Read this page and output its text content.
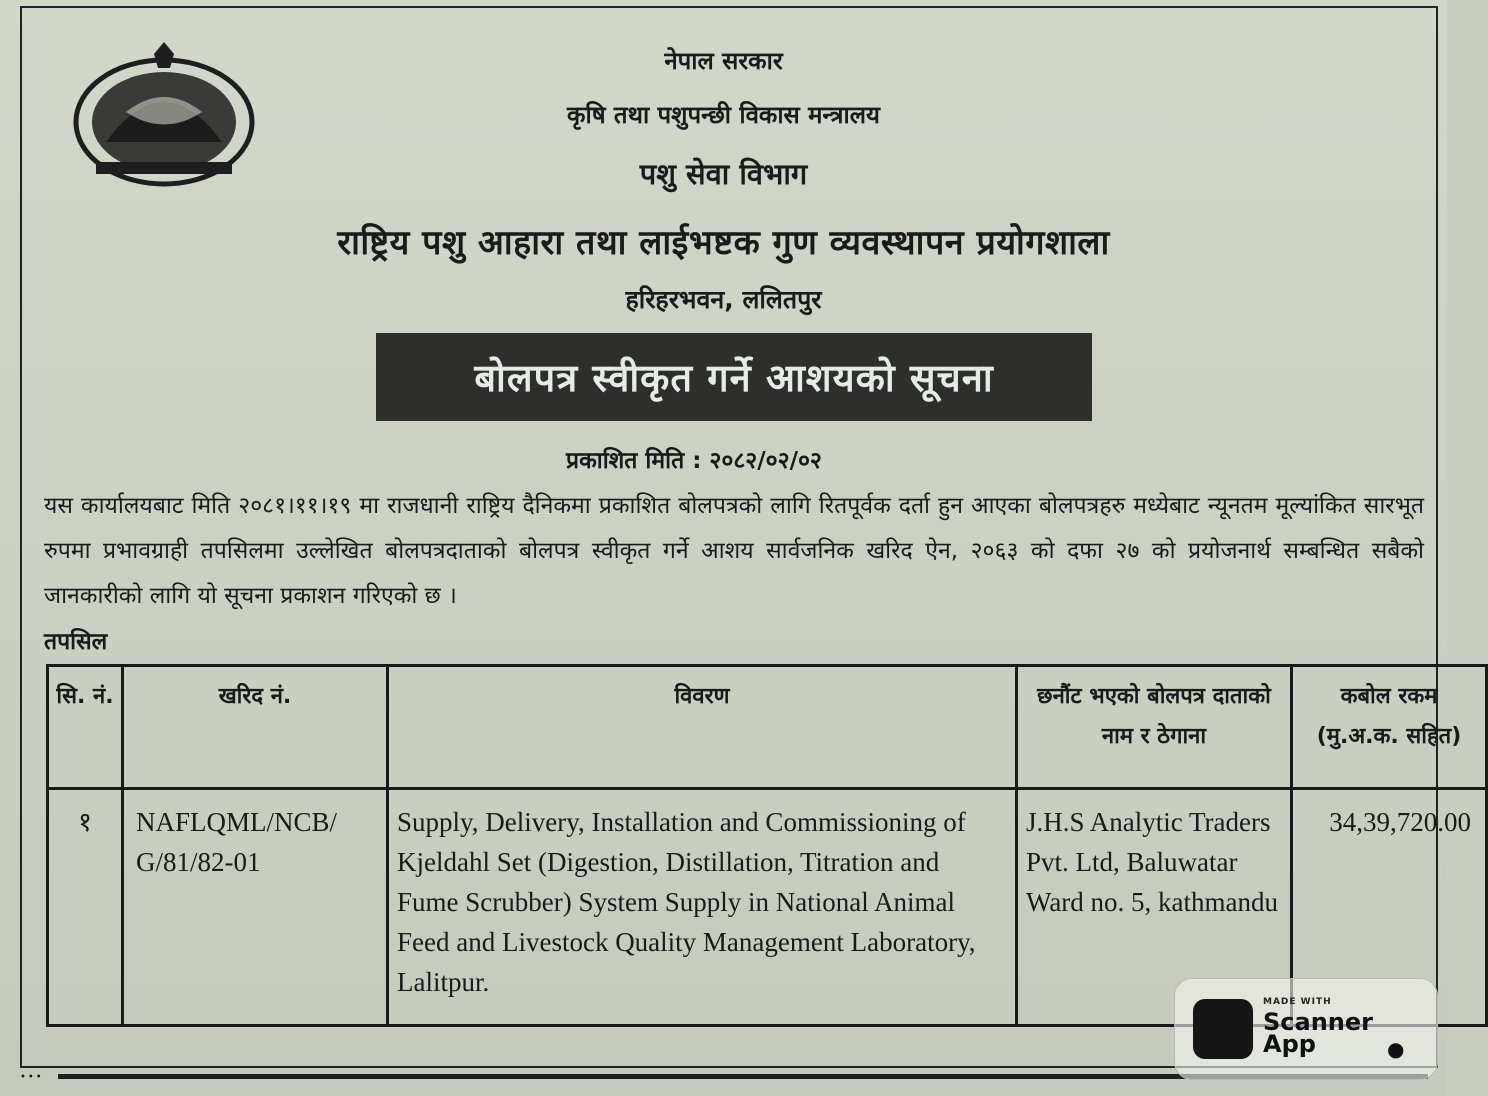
नेपाल सरकार
कृषि तथा पशुपन्छी विकास मन्त्रालय
पशु सेवा विभाग
राष्ट्रिय पशु आहारा तथा लाईभष्टक गुण व्यवस्थापन प्रयोगशाला
हरिहरभवन, ललितपुर
बोलपत्र स्वीकृत गर्ने आशयको सूचना
प्रकाशित मिति : २०८२/०२/०२
यस कार्यालयबाट मिति २०८१।११।१९ मा राजधानी राष्ट्रिय दैनिकमा प्रकाशित बोलपत्रको लागि रितपूर्वक दर्ता हुन आएका बोलपत्रहरु मध्येबाट न्यूनतम मूल्यांकित सारभूत रुपमा प्रभावग्राही तपसिलमा उल्लेखित बोलपत्रदाताको बोलपत्र स्वीकृत गर्ने आशय सार्वजनिक खरिद ऐन, २०६३ को दफा २७ को प्रयोजनार्थ सम्बन्धित सबैको जानकारीको लागि यो सूचना प्रकाशन गरिएको छ ।
तपसिल
सि. नं.	खरिद नं.	विवरण	छनौंट भएको बोलपत्र दाताको नाम र ठेगाना	कबोल रकम (मु.अ.क. सहित)
१	NAFLQML/NCB/ G/81/82-01	Supply, Delivery, Installation and Commissioning of Kjeldahl Set (Digestion, Distillation, Titration and Fume Scrubber) System Supply in National Animal Feed and Livestock Quality Management Laboratory, Lalitpur.	J.H.S Analytic Traders Pvt. Ltd, Baluwatar Ward no. 5, kathmandu	34,39,720.00
•••
MADE WITH
Scanner
App	●
